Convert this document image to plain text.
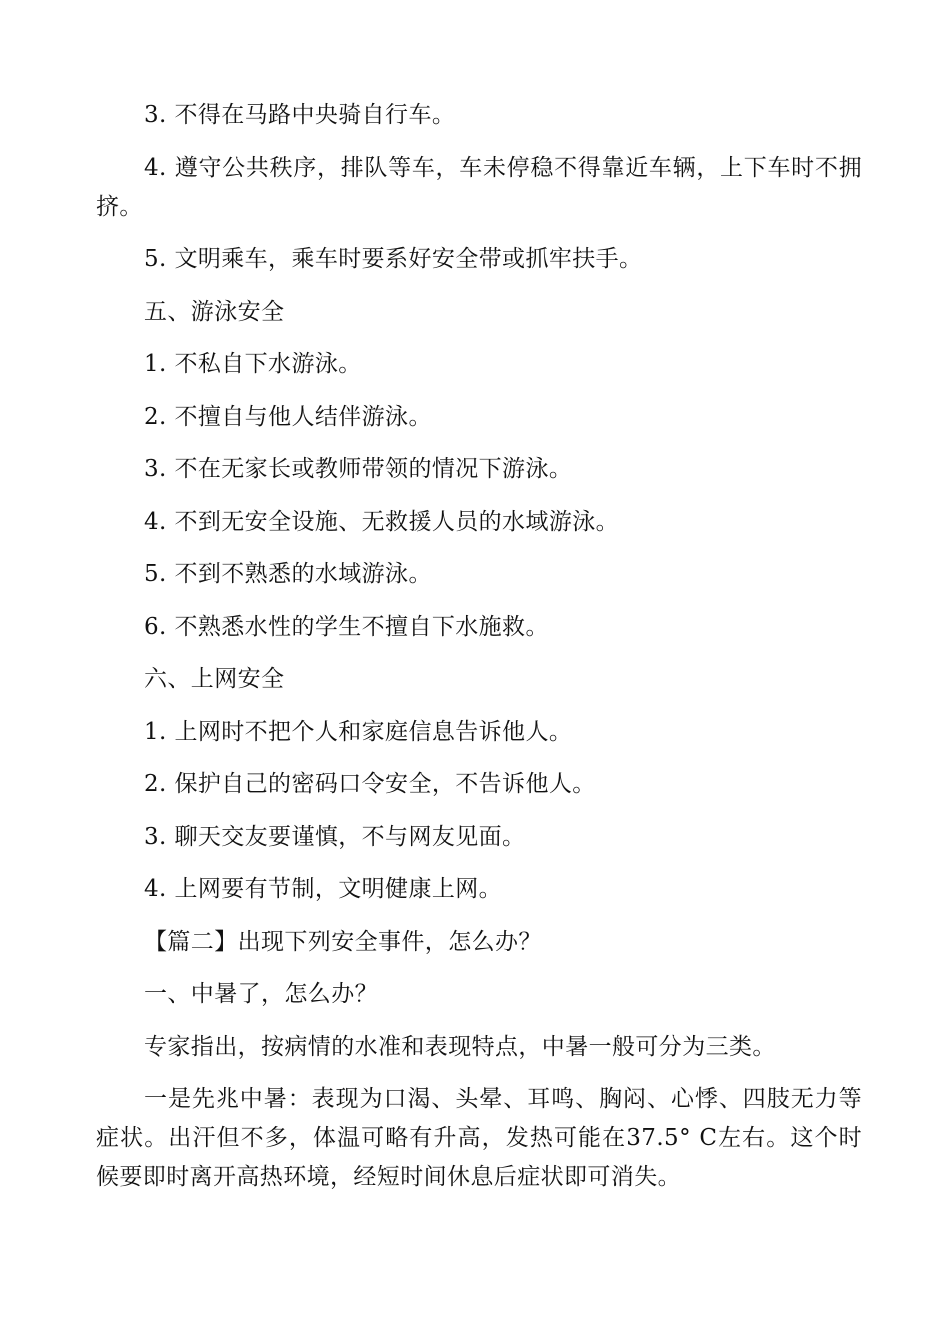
3. 不得在马路中央骑自行车。

4. 遵守公共秩序，排队等车，车未停稳不得靠近车辆，上下车时不拥挤。

5. 文明乘车，乘车时要系好安全带或抓牢扶手。

五、游泳安全

1. 不私自下水游泳。

2. 不擅自与他人结伴游泳。

3. 不在无家长或教师带领的情况下游泳。

4. 不到无安全设施、无救援人员的水域游泳。

5. 不到不熟悉的水域游泳。

6. 不熟悉水性的学生不擅自下水施救。

六、上网安全

1. 上网时不把个人和家庭信息告诉他人。

2. 保护自己的密码口令安全，不告诉他人。

3. 聊天交友要谨慎，不与网友见面。

4. 上网要有节制，文明健康上网。

【篇二】出现下列安全事件，怎么办？

一、中暑了，怎么办？

专家指出，按病情的水准和表现特点，中暑一般可分为三类。

一是先兆中暑：表现为口渴、头晕、耳鸣、胸闷、心悸、四肢无力等症状。出汗但不多，体温可略有升高，发热可能在37.5° C左右。这个时候要即时离开高热环境，经短时间休息后症状即可消失。
